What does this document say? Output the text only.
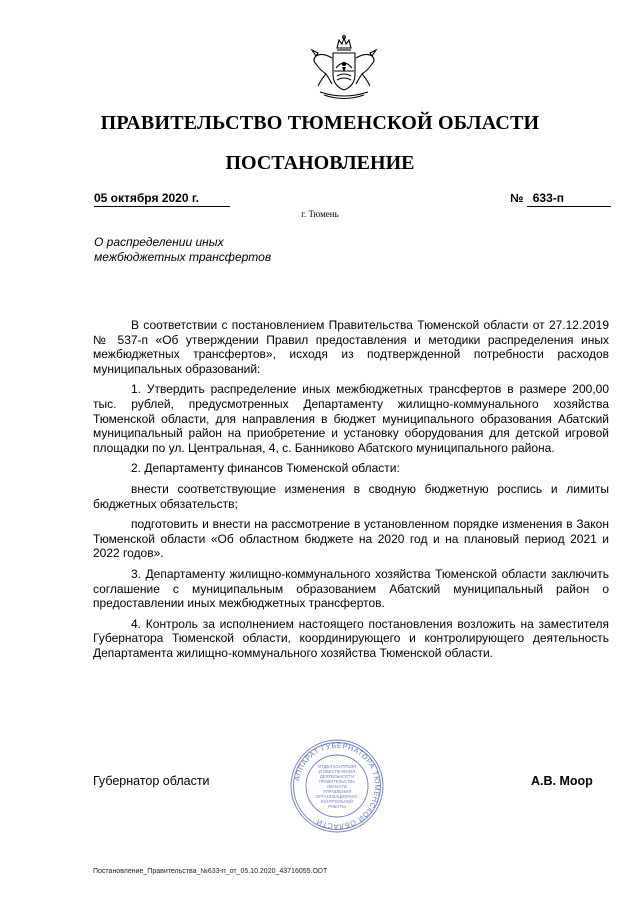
ПРАВИТЕЛЬСТВО ТЮМЕНСКОЙ ОБЛАСТИ
ПОСТАНОВЛЕНИЕ
05 октября 2020 г.	№ 633-п
г. Тюмень
О распределении иных
межбюджетных трансфертов

В соответствии с постановлением Правительства Тюменской области от 27.12.2019 № 537-п «Об утверждении Правил предоставления и методики распределения иных межбюджетных трансфертов», исходя из подтвержденной потребности расходов муниципальных образований:

1. Утвердить распределение иных межбюджетных трансфертов в размере 200,00 тыс. рублей, предусмотренных Департаменту жилищно-коммунального хозяйства Тюменской области, для направления в бюджет муниципального образования Абатский муниципальный район на приобретение и установку оборудования для детской игровой площадки по ул. Центральная, 4, с. Банниково Абатского муниципального района.

2. Департаменту финансов Тюменской области:

внести соответствующие изменения в сводную бюджетную роспись и лимиты бюджетных обязательств;

подготовить и внести на рассмотрение в установленном порядке изменения в Закон Тюменской области «Об областном бюджете на 2020 год и на плановый период 2021 и 2022 годов».

3. Департаменту жилищно-коммунального хозяйства Тюменской области заключить соглашение с муниципальным образованием Абатский муниципальный район о предоставлении иных межбюджетных трансфертов.

4. Контроль за исполнением настоящего постановления возложить на заместителя Губернатора Тюменской области, координирующего и контролирующего деятельность Департамента жилищно-коммунального хозяйства Тюменской области.

АППАРАТ ГУБЕРНАТОРА ТЮМЕНСКОЙ ОБЛАСТИ
ОТДЕЛ КОНТРОЛЯ
И ОБЕСПЕЧЕНИЯ
ДЕЯТЕЛЬНОСТИ
ПРАВИТЕЛЬСТВА
ОБЛАСТИ
УПРАВЛЕНИЯ
ОРГАНИЗАЦИОННО-
КОНТРОЛЬНОЙ
РАБОТЫ
Губернатор области	А.В. Моор
Постановление_Правительства_№633-п_от_05.10.2020_43716055.ODT
